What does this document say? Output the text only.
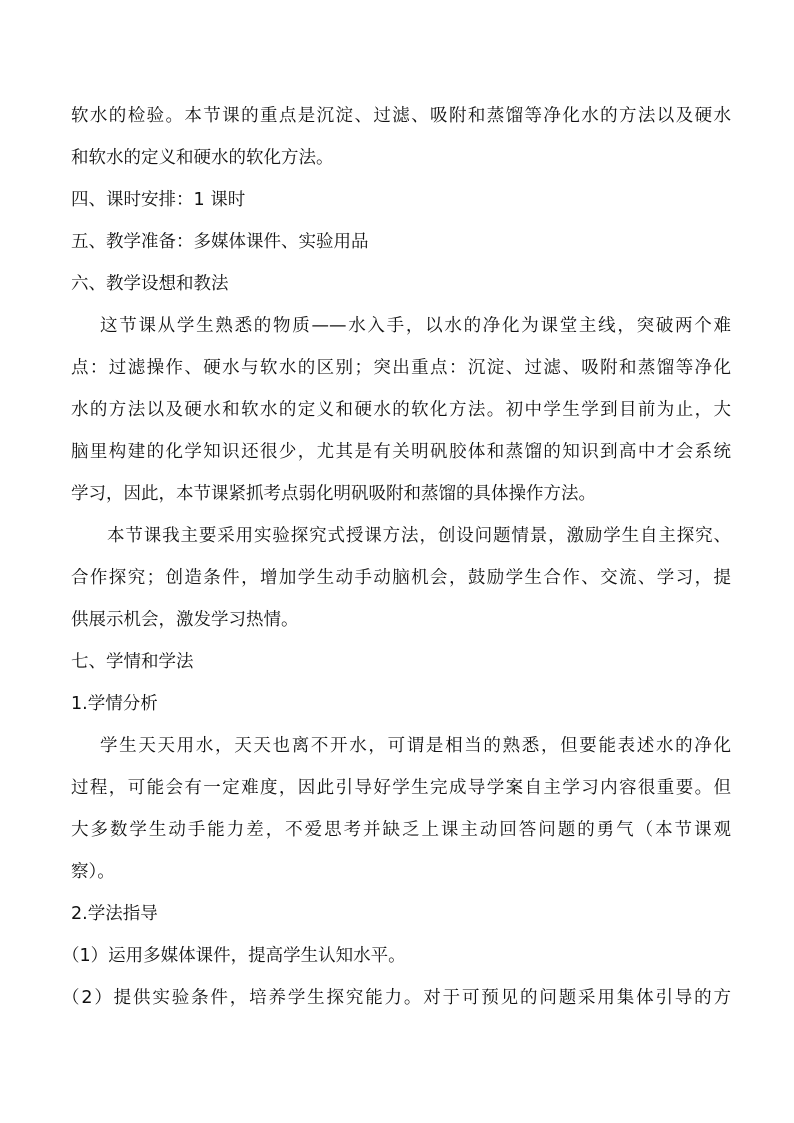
软水的检验。本节课的重点是沉淀、过滤、吸附和蒸馏等净化水的方法以及硬水
和软水的定义和硬水的软化方法。
四、课时安排：1 课时
五、教学准备：多媒体课件、实验用品
六、教学设想和教法
这节课从学生熟悉的物质——水入手，以水的净化为课堂主线，突破两个难
点：过滤操作、硬水与软水的区别；突出重点：沉淀、过滤、吸附和蒸馏等净化
水的方法以及硬水和软水的定义和硬水的软化方法。初中学生学到目前为止，大
脑里构建的化学知识还很少，尤其是有关明矾胶体和蒸馏的知识到高中才会系统
学习，因此，本节课紧抓考点弱化明矾吸附和蒸馏的具体操作方法。
本节课我主要采用实验探究式授课方法，创设问题情景，激励学生自主探究、
合作探究；创造条件，增加学生动手动脑机会，鼓励学生合作、交流、学习，提
供展示机会，激发学习热情。
七、学情和学法
1.学情分析
学生天天用水，天天也离不开水，可谓是相当的熟悉，但要能表述水的净化
过程，可能会有一定难度，因此引导好学生完成导学案自主学习内容很重要。但
大多数学生动手能力差，不爱思考并缺乏上课主动回答问题的勇气（本节课观
察）。
2.学法指导
（1）运用多媒体课件，提高学生认知水平。
（2）提供实验条件，培养学生探究能力。对于可预见的问题采用集体引导的方
